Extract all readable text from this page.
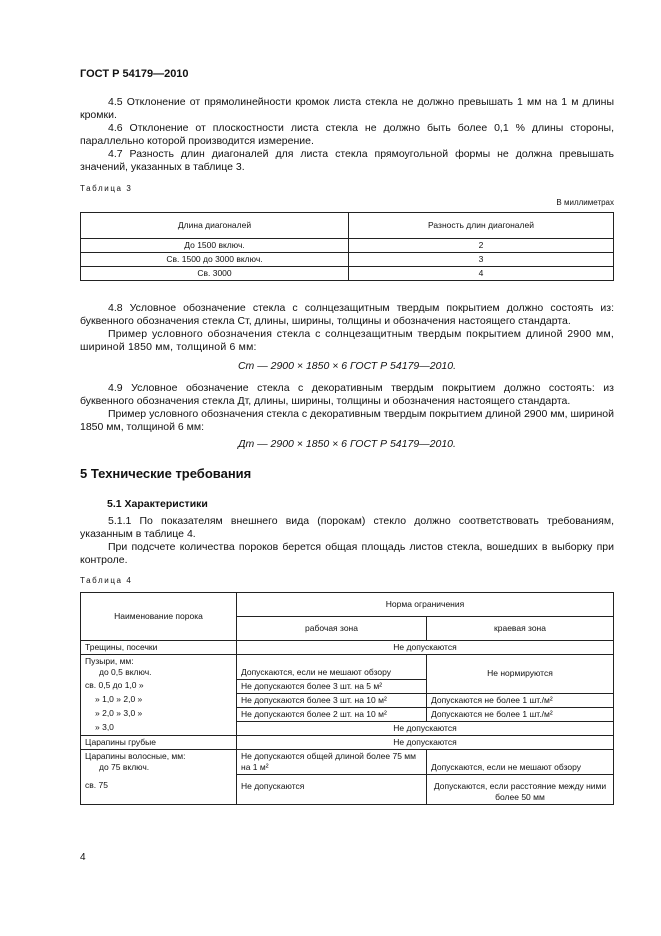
ГОСТ Р 54179—2010
4.5 Отклонение от прямолинейности кромок листа стекла не должно превышать 1 мм на 1 м длины кромки.
4.6 Отклонение от плоскостности листа стекла не должно быть более 0,1 % длины стороны, параллельно которой производится измерение.
4.7 Разность длин диагоналей для листа стекла прямоугольной формы не должна превышать значений, указанных в таблице 3.
Таблица 3
В миллиметрах
Длина диагоналей	Разность длин диагоналей
До 1500 включ.	2
Св. 1500 до 3000 включ.	3
Св. 3000	4
4.8 Условное обозначение стекла с солнцезащитным твердым покрытием должно состоять из: буквенного обозначения стекла Cт, длины, ширины, толщины и обозначения настоящего стандарта.
Пример условного обозначения стекла с солнцезащитным твердым покрытием длиной 2900 мм, шириной 1850 мм, толщиной 6 мм:
Cт — 2900 × 1850 × 6 ГОСТ Р 54179—2010.
4.9 Условное обозначение стекла с декоративным твердым покрытием должно состоять: из буквенного обозначения стекла Дт, длины, ширины, толщины и обозначения настоящего стандарта.
Пример условного обозначения стекла с декоративным твердым покрытием длиной 2900 мм, шириной 1850 мм, толщиной 6 мм:
Дт — 2900 × 1850 × 6 ГОСТ Р 54179—2010.
5 Технические требования
5.1 Характеристики
5.1.1 По показателям внешнего вида (порокам) стекло должно соответствовать требованиям, указанным в таблице 4.
При подсчете количества пороков берется общая площадь листов стекла, вошедших в выборку при контроле.
Таблица 4
Наименование порока	Норма ограничения	
	рабочая зона	краевая зона
Трещины, посечки	Не допускаются	

Пузыри, мм:
до 0,5 включ.	Допускаются, если не мешают обзору	Не нормируются
св. 0,5 до 1,0 »	Не допускаются более 3 шт. на 5 м²	
» 1,0 » 2,0 »	Не допускаются более 3 шт. на 10 м²	Допускаются не более 1 шт./м²
» 2,0 » 3,0 »	Не допускаются более 2 шт. на 10 м²	Допускаются не более 1 шт./м²
» 3,0	Не допускаются	
Царапины грубые	Не допускаются	

Царапины волосные, мм:
до 75 включ.	Не допускаются общей длиной более 75 мм на 1 м²	Допускаются, если не мешают обзору
св. 75	Не допускаются	Допускаются, если расстояние между ними более 50 мм
4
